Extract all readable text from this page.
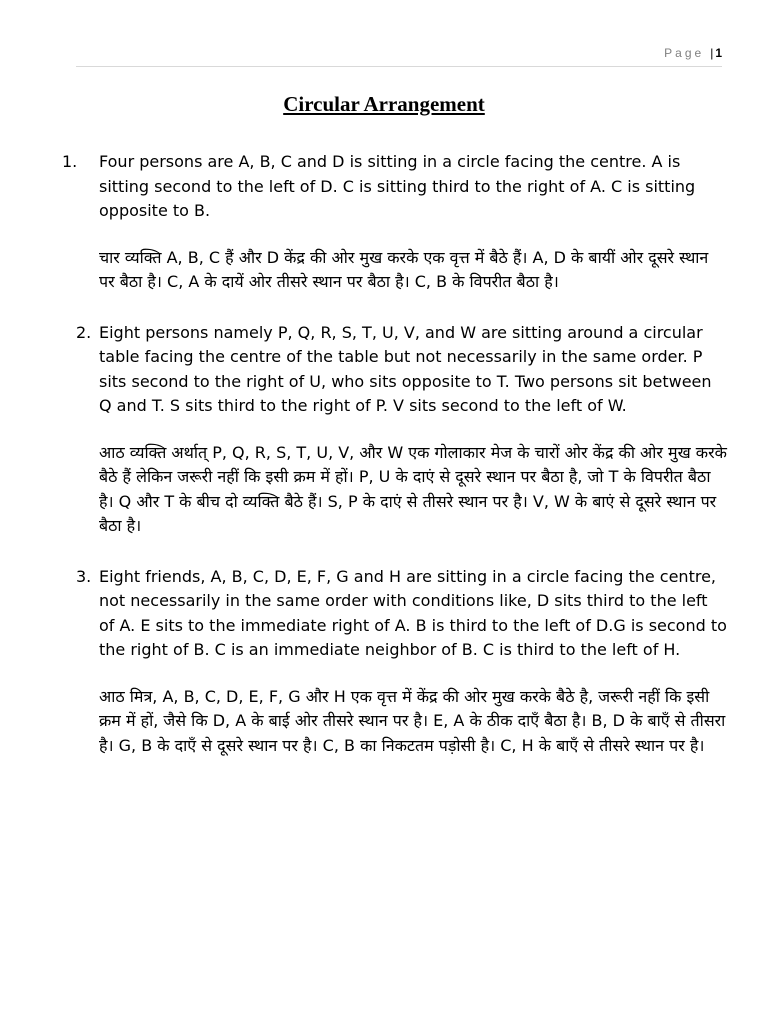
Page | 1
Circular Arrangement
1. Four persons are A, B, C and D is sitting in a circle facing the centre. A is sitting second to the left of D. C is sitting third to the right of A. C is sitting opposite to B.

चार व्यक्ति A, B, C हैं और D केंद्र की ओर मुख करके एक वृत्त में बैठे हैं। A, D के बायीं ओर दूसरे स्थान पर बैठा है। C, A के दायें ओर तीसरे स्थान पर बैठा है। C, B के विपरीत बैठा है।

2. Eight persons namely P, Q, R, S, T, U, V, and W are sitting around a circular table facing the centre of the table but not necessarily in the same order. P sits second to the right of U, who sits opposite to T. Two persons sit between Q and T. S sits third to the right of P. V sits second to the left of W.

आठ व्यक्ति अर्थात् P, Q, R, S, T, U, V, और W एक गोलाकार मेज के चारों ओर केंद्र की ओर मुख करके बैठे हैं लेकिन जरूरी नहीं कि इसी क्रम में हों। P, U के दाएं से दूसरे स्थान पर बैठा है, जो T के विपरीत बैठा है। Q और T के बीच दो व्यक्ति बैठे हैं। S, P के दाएं से तीसरे स्थान पर है। V, W के बाएं से दूसरे स्थान पर बैठा है।

3. Eight friends, A, B, C, D, E, F, G and H are sitting in a circle facing the centre, not necessarily in the same order with conditions like, D sits third to the left of A. E sits to the immediate right of A. B is third to the left of D.G is second to the right of B. C is an immediate neighbor of B. C is third to the left of H.

आठ मित्र, A, B, C, D, E, F, G और H एक वृत्त में केंद्र की ओर मुख करके बैठे है, जरूरी नहीं कि इसी क्रम में हों, जैसे कि D, A के बाई ओर तीसरे स्थान पर है। E, A के ठीक दाएँ बैठा है। B, D के बाएँ से तीसरा है। G, B के दाएँ से दूसरे स्थान पर है। C, B का निकटतम पड़ोसी है। C, H के बाएँ से तीसरे स्थान पर है।
